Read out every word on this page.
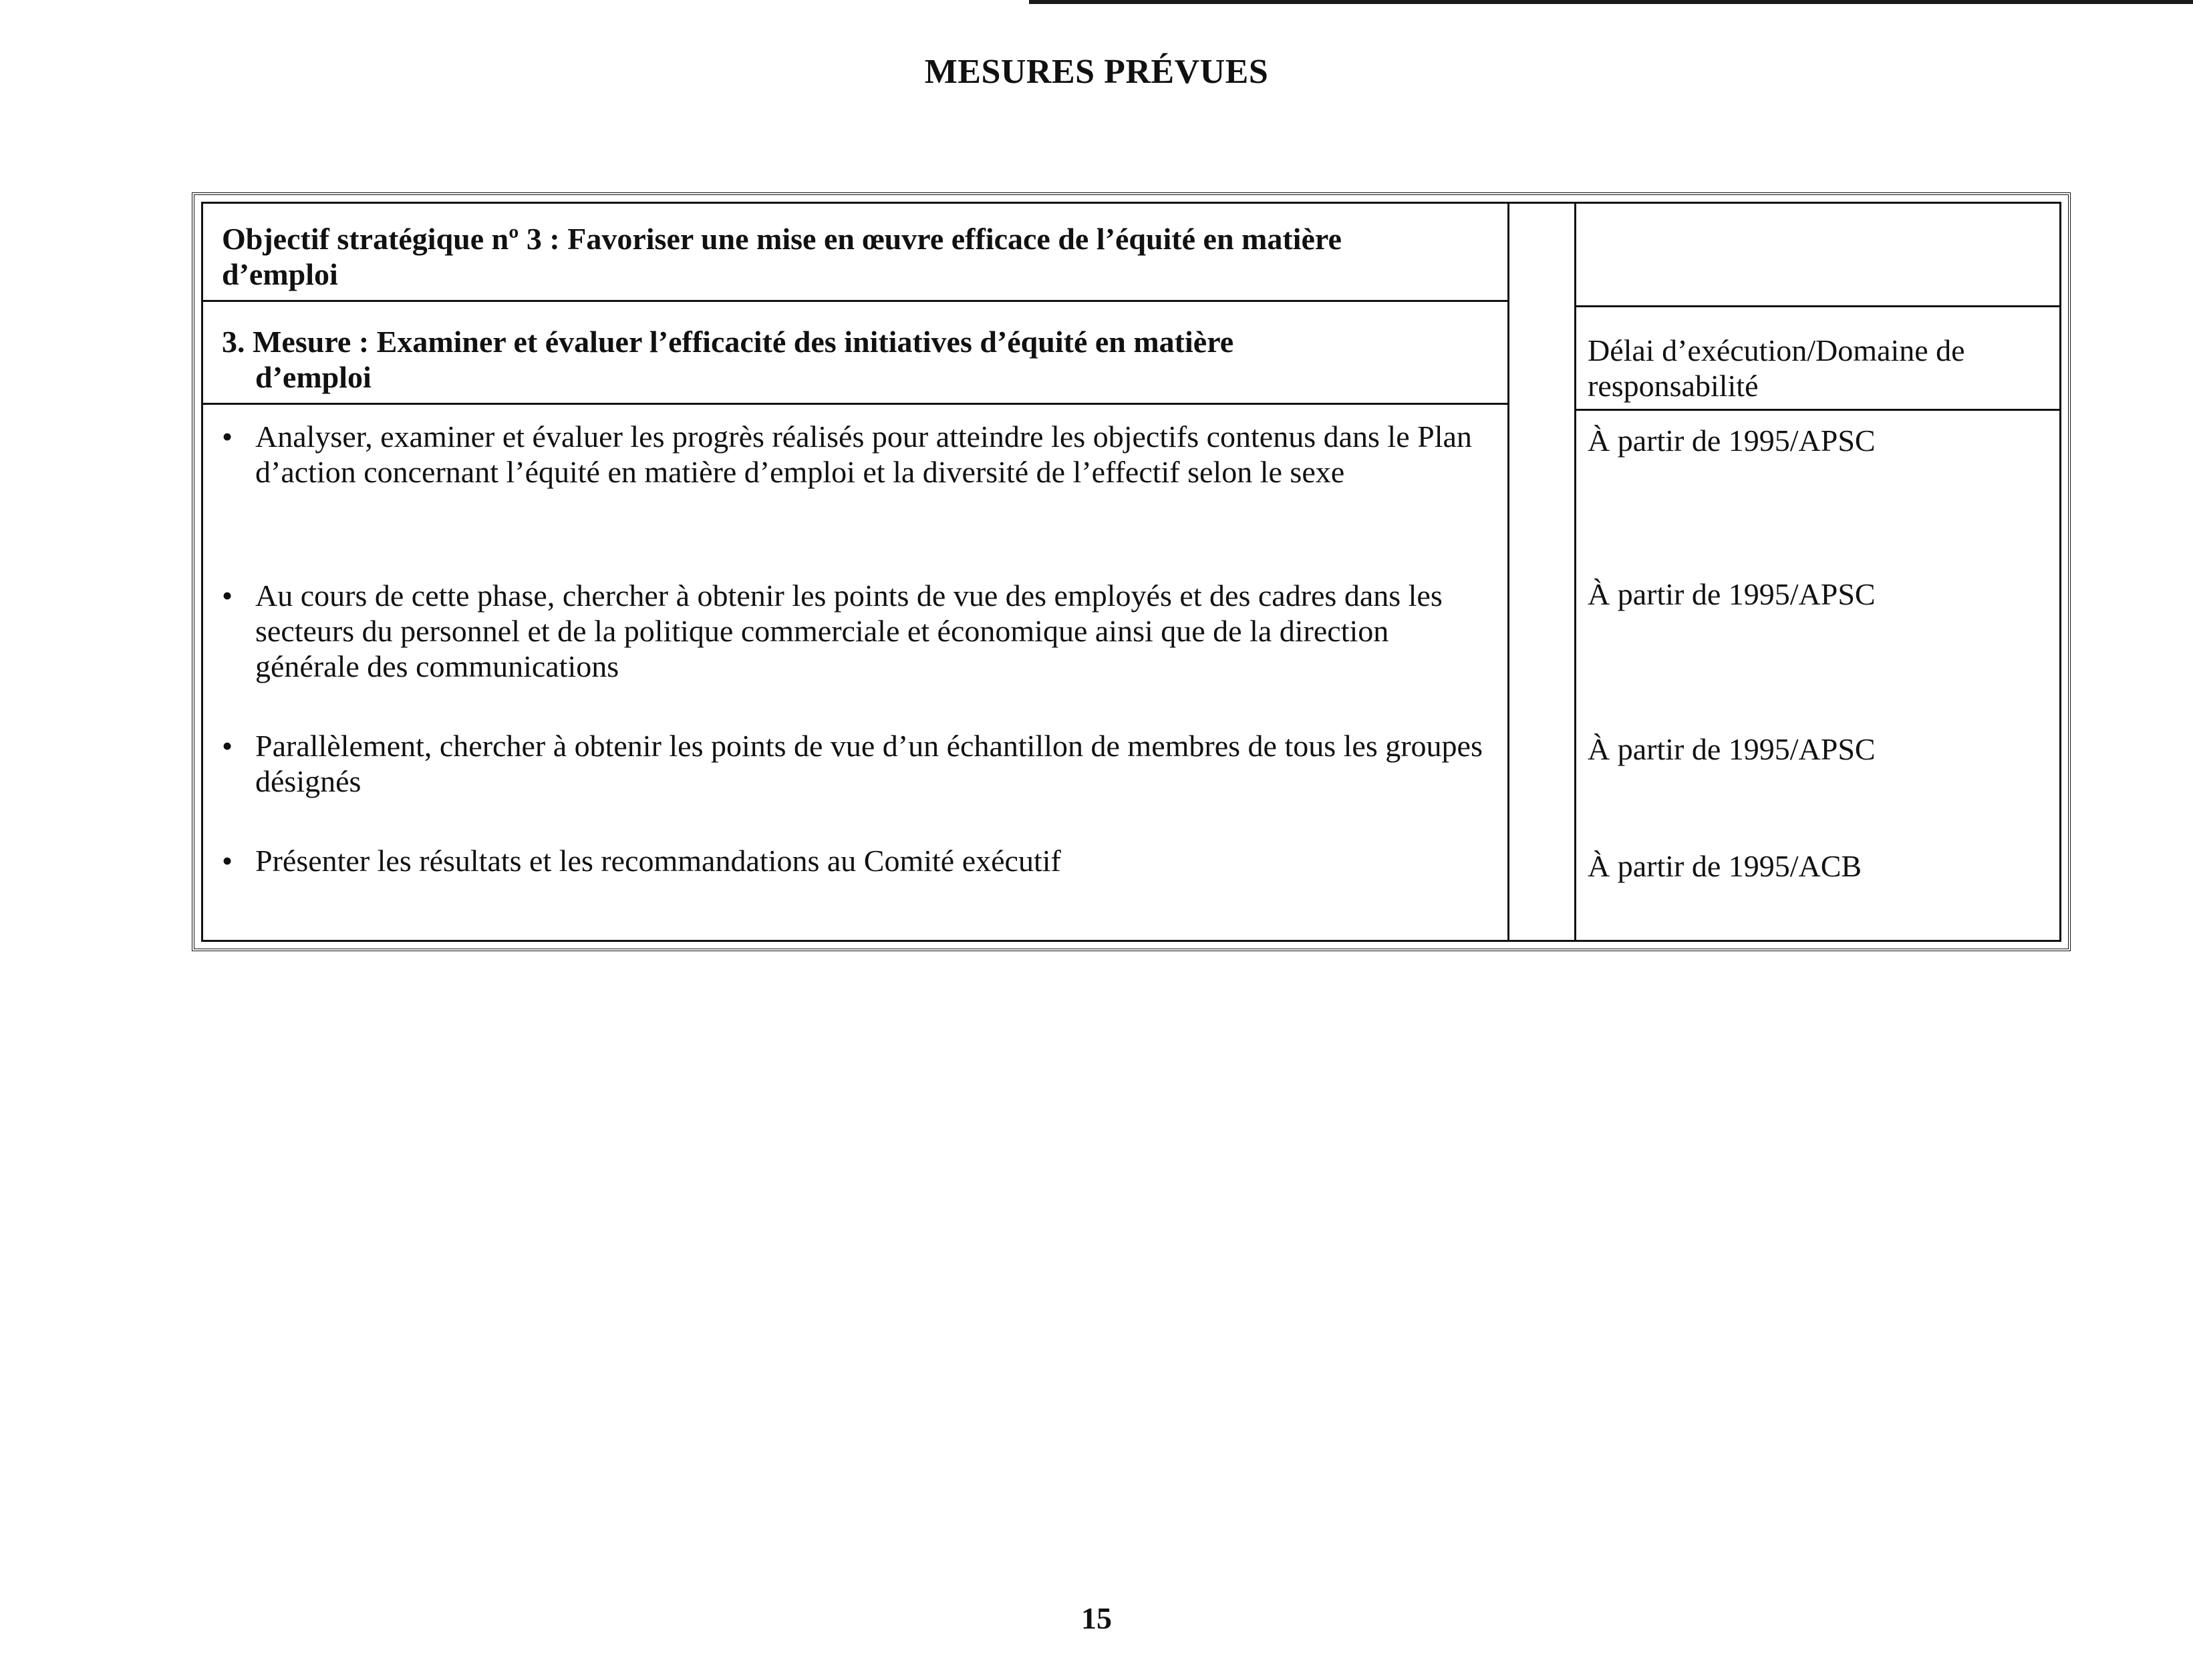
MESURES PRÉVUES
Objectif stratégique nº 3 : Favoriser une mise en œuvre efficace de l’équité en matière d’emploi
3. Mesure : Examiner et évaluer l’efficacité des initiatives d’équité en matière
d’emploi
Délai d’exécution/Domaine de responsabilité
• Analyser, examiner et évaluer les progrès réalisés pour atteindre les objectifs contenus dans le Plan d’action concernant l’équité en matière d’emploi et la diversité de l’effectif selon le sexe
À partir de 1995/APSC
• Au cours de cette phase, chercher à obtenir les points de vue des employés et des cadres dans les secteurs du personnel et de la politique commerciale et économique ainsi que de la direction générale des communications
À partir de 1995/APSC
• Parallèlement, chercher à obtenir les points de vue d’un échantillon de membres de tous les groupes désignés
À partir de 1995/APSC
• Présenter les résultats et les recommandations au Comité exécutif	À partir de 1995/ACB
15
